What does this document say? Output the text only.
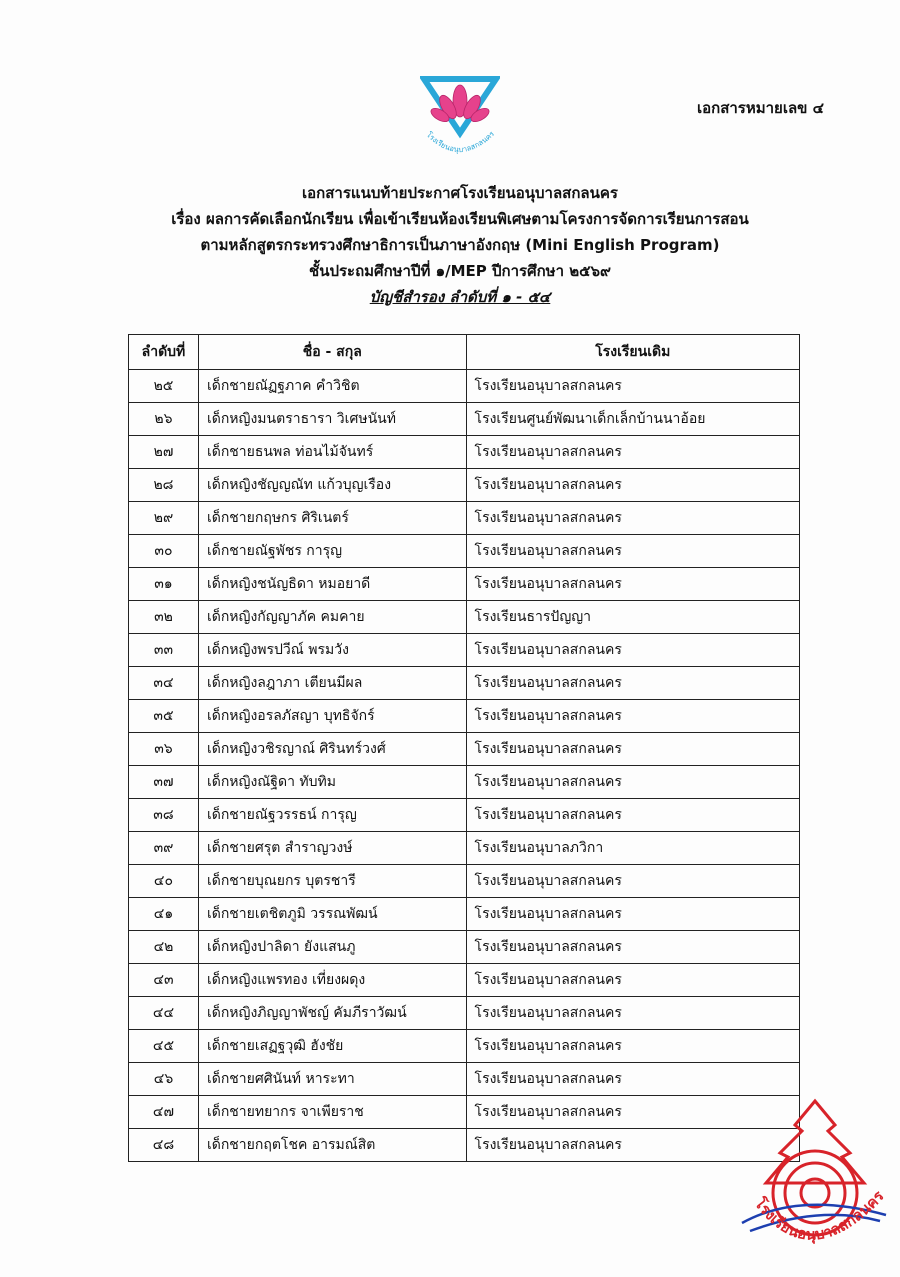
เอกสารหมายเลข ๔
โรงเรียนอนุบาลสกลนคร
เอกสารแนบท้ายประกาศโรงเรียนอนุบาลสกลนคร
เรื่อง ผลการคัดเลือกนักเรียน เพื่อเข้าเรียนห้องเรียนพิเศษตามโครงการจัดการเรียนการสอน
ตามหลักสูตรกระทรวงศึกษาธิการเป็นภาษาอังกฤษ (Mini English Program)
ชั้นประถมศึกษาปีที่ ๑/MEP ปีการศึกษา ๒๕๖๙
บัญชีสำรอง ลำดับที่ ๑ - ๕๔
ลำดับที่	ชื่อ - สกุล	โรงเรียนเดิม
๒๕	เด็กชายณัฏฐภาค คำวิชิต	โรงเรียนอนุบาลสกลนคร
๒๖	เด็กหญิงมนตราธารา วิเศษนันท์	โรงเรียนศูนย์พัฒนาเด็กเล็กบ้านนาอ้อย
๒๗	เด็กชายธนพล ท่อนไม้จันทร์	โรงเรียนอนุบาลสกลนคร
๒๘	เด็กหญิงชัญญณัท แก้วบุญเรือง	โรงเรียนอนุบาลสกลนคร
๒๙	เด็กชายกฤษกร ศิริเนตร์	โรงเรียนอนุบาลสกลนคร
๓๐	เด็กชายณัฐพัชร การุญ	โรงเรียนอนุบาลสกลนคร
๓๑	เด็กหญิงชนัญธิดา หมอยาดี	โรงเรียนอนุบาลสกลนคร
๓๒	เด็กหญิงกัญญาภัค คมคาย	โรงเรียนธารปัญญา
๓๓	เด็กหญิงพรปวีณ์ พรมวัง	โรงเรียนอนุบาลสกลนคร
๓๔	เด็กหญิงลฎาภา เตียนมีผล	โรงเรียนอนุบาลสกลนคร
๓๕	เด็กหญิงอรลภัสญา บุทธิจักร์	โรงเรียนอนุบาลสกลนคร
๓๖	เด็กหญิงวชิรญาณ์ ศิรินทร์วงศ์	โรงเรียนอนุบาลสกลนคร
๓๗	เด็กหญิงณัฐิดา ทับทิม	โรงเรียนอนุบาลสกลนคร
๓๘	เด็กชายณัฐวรรธน์ การุญ	โรงเรียนอนุบาลสกลนคร
๓๙	เด็กชายศรุต สำราญวงษ์	โรงเรียนอนุบาลภวิกา
๔๐	เด็กชายบุณยกร บุตรชารี	โรงเรียนอนุบาลสกลนคร
๔๑	เด็กชายเตชิตภูมิ วรรณพัฒน์	โรงเรียนอนุบาลสกลนคร
๔๒	เด็กหญิงปาลิดา ยังแสนภู	โรงเรียนอนุบาลสกลนคร
๔๓	เด็กหญิงแพรทอง เที่ยงผดุง	โรงเรียนอนุบาลสกลนคร
๔๔	เด็กหญิงภิญญาพัชญ์ คัมภีราวัฒน์	โรงเรียนอนุบาลสกลนคร
๔๕	เด็กชายเสฏฐวุฒิ ฮังชัย	โรงเรียนอนุบาลสกลนคร
๔๖	เด็กชายศศินันท์ หาระทา	โรงเรียนอนุบาลสกลนคร
๔๗	เด็กชายทยากร จาเพียราช	โรงเรียนอนุบาลสกลนคร
๔๘	เด็กชายกฤตโชค อารมณ์สิต	โรงเรียนอนุบาลสกลนคร
โรงเรียนอนุบาลสกลนคร
